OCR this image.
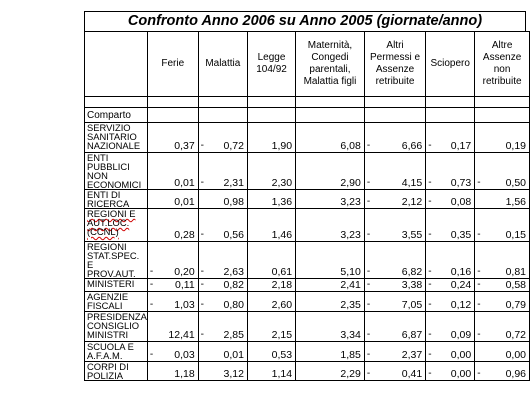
Confronto Anno 2006 su Anno 2005 (giornate/anno)
	Ferie	Malattia	Legge 104/92	Maternità, Congedi parentali, Malattia figli	Altri Permessi e Assenze retribuite	Sciopero	Altre Assenze non retribuite

Comparto							

SERVIZIO
SANITARIO
NAZIONALE	0,37	- 0,72	1,90	6,08	- 6,66	- 0,17	0,19

ENTI PUBBLICI
NON
ECONOMICI	0,01	- 2,31	2,30	2,90	- 4,15	- 0,73	- 0,50

ENTI DI
RICERCA	0,01	0,98	1,36	3,23	- 2,12	- 0,08	1,56

REGIONI E
AUT.LOC.
(CCNL)	0,28	- 0,56	1,46	3,23	- 3,55	- 0,35	- 0,15

REGIONI
STAT.SPEC. E
PROV.AUT.	- 0,20	- 2,63	0,61	5,10	- 6,82	- 0,16	- 0,81

MINISTERI	- 0,11	- 0,82	2,18	2,41	- 3,38	- 0,24	- 0,58

AGENZIE
FISCALI	- 1,03	- 0,80	2,60	2,35	- 7,05	- 0,12	- 0,79

PRESIDENZA
CONSIGLIO
MINISTRI	12,41	- 2,85	2,15	3,34	- 6,87	- 0,09	- 0,72

SCUOLA E
A.F.A.M.	- 0,03	0,01	0,53	1,85	- 2,37	- 0,00	0,00

CORPI DI
POLIZIA	1,18	3,12	1,14	2,29	- 0,41	- 0,00	- 0,96
